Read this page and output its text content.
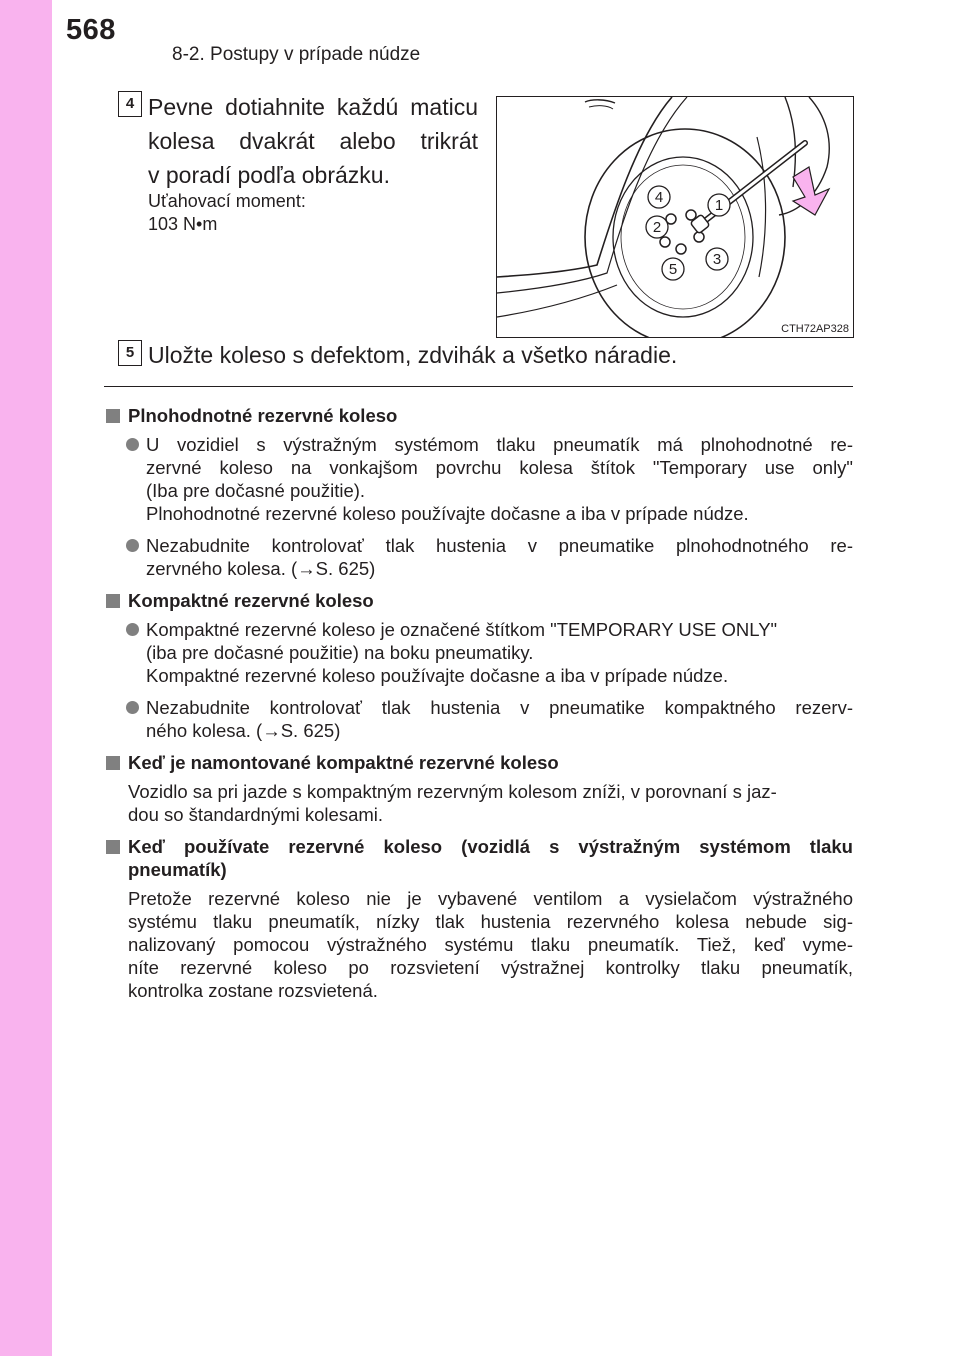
568
8-2. Postupy v prípade núdze
4 Pevne dotiahnite každú maticu
kolesa dvakrát alebo trikrát
v poradí podľa obrázku.
Uťahovací moment:
103 N•m
4	1
2
3
5
CTH72AP328
5 Uložte koleso s defektom, zdvihák a všetko náradie.
Plnohodnotné rezervné koleso
U vozidiel s výstražným systémom tlaku pneumatík má plnohodnotné re-
zervné koleso na vonkajšom povrchu kolesa štítok "Temporary use only"
(Iba pre dočasné použitie).
Plnohodnotné rezervné koleso používajte dočasne a iba v prípade núdze.
Nezabudnite kontrolovať tlak hustenia v pneumatike plnohodnotného re-
zervného kolesa. (→S. 625)
Kompaktné rezervné koleso
Kompaktné rezervné koleso je označené štítkom "TEMPORARY USE ONLY"
(iba pre dočasné použitie) na boku pneumatiky.
Kompaktné rezervné koleso používajte dočasne a iba v prípade núdze.
Nezabudnite kontrolovať tlak hustenia v pneumatike kompaktného rezerv-
ného kolesa. (→S. 625)
Keď je namontované kompaktné rezervné koleso
Vozidlo sa pri jazde s kompaktným rezervným kolesom zníži, v porovnaní s jaz-
dou so štandardnými kolesami.
Keď používate rezervné koleso (vozidlá s výstražným systémom tlaku
pneumatík)
Pretože rezervné koleso nie je vybavené ventilom a vysielačom výstražného
systému tlaku pneumatík, nízky tlak hustenia rezervného kolesa nebude sig-
nalizovaný pomocou výstražného systému tlaku pneumatík. Tiež, keď vyme-
níte rezervné koleso po rozsvietení výstražnej kontrolky tlaku pneumatík,
kontrolka zostane rozsvietená.
